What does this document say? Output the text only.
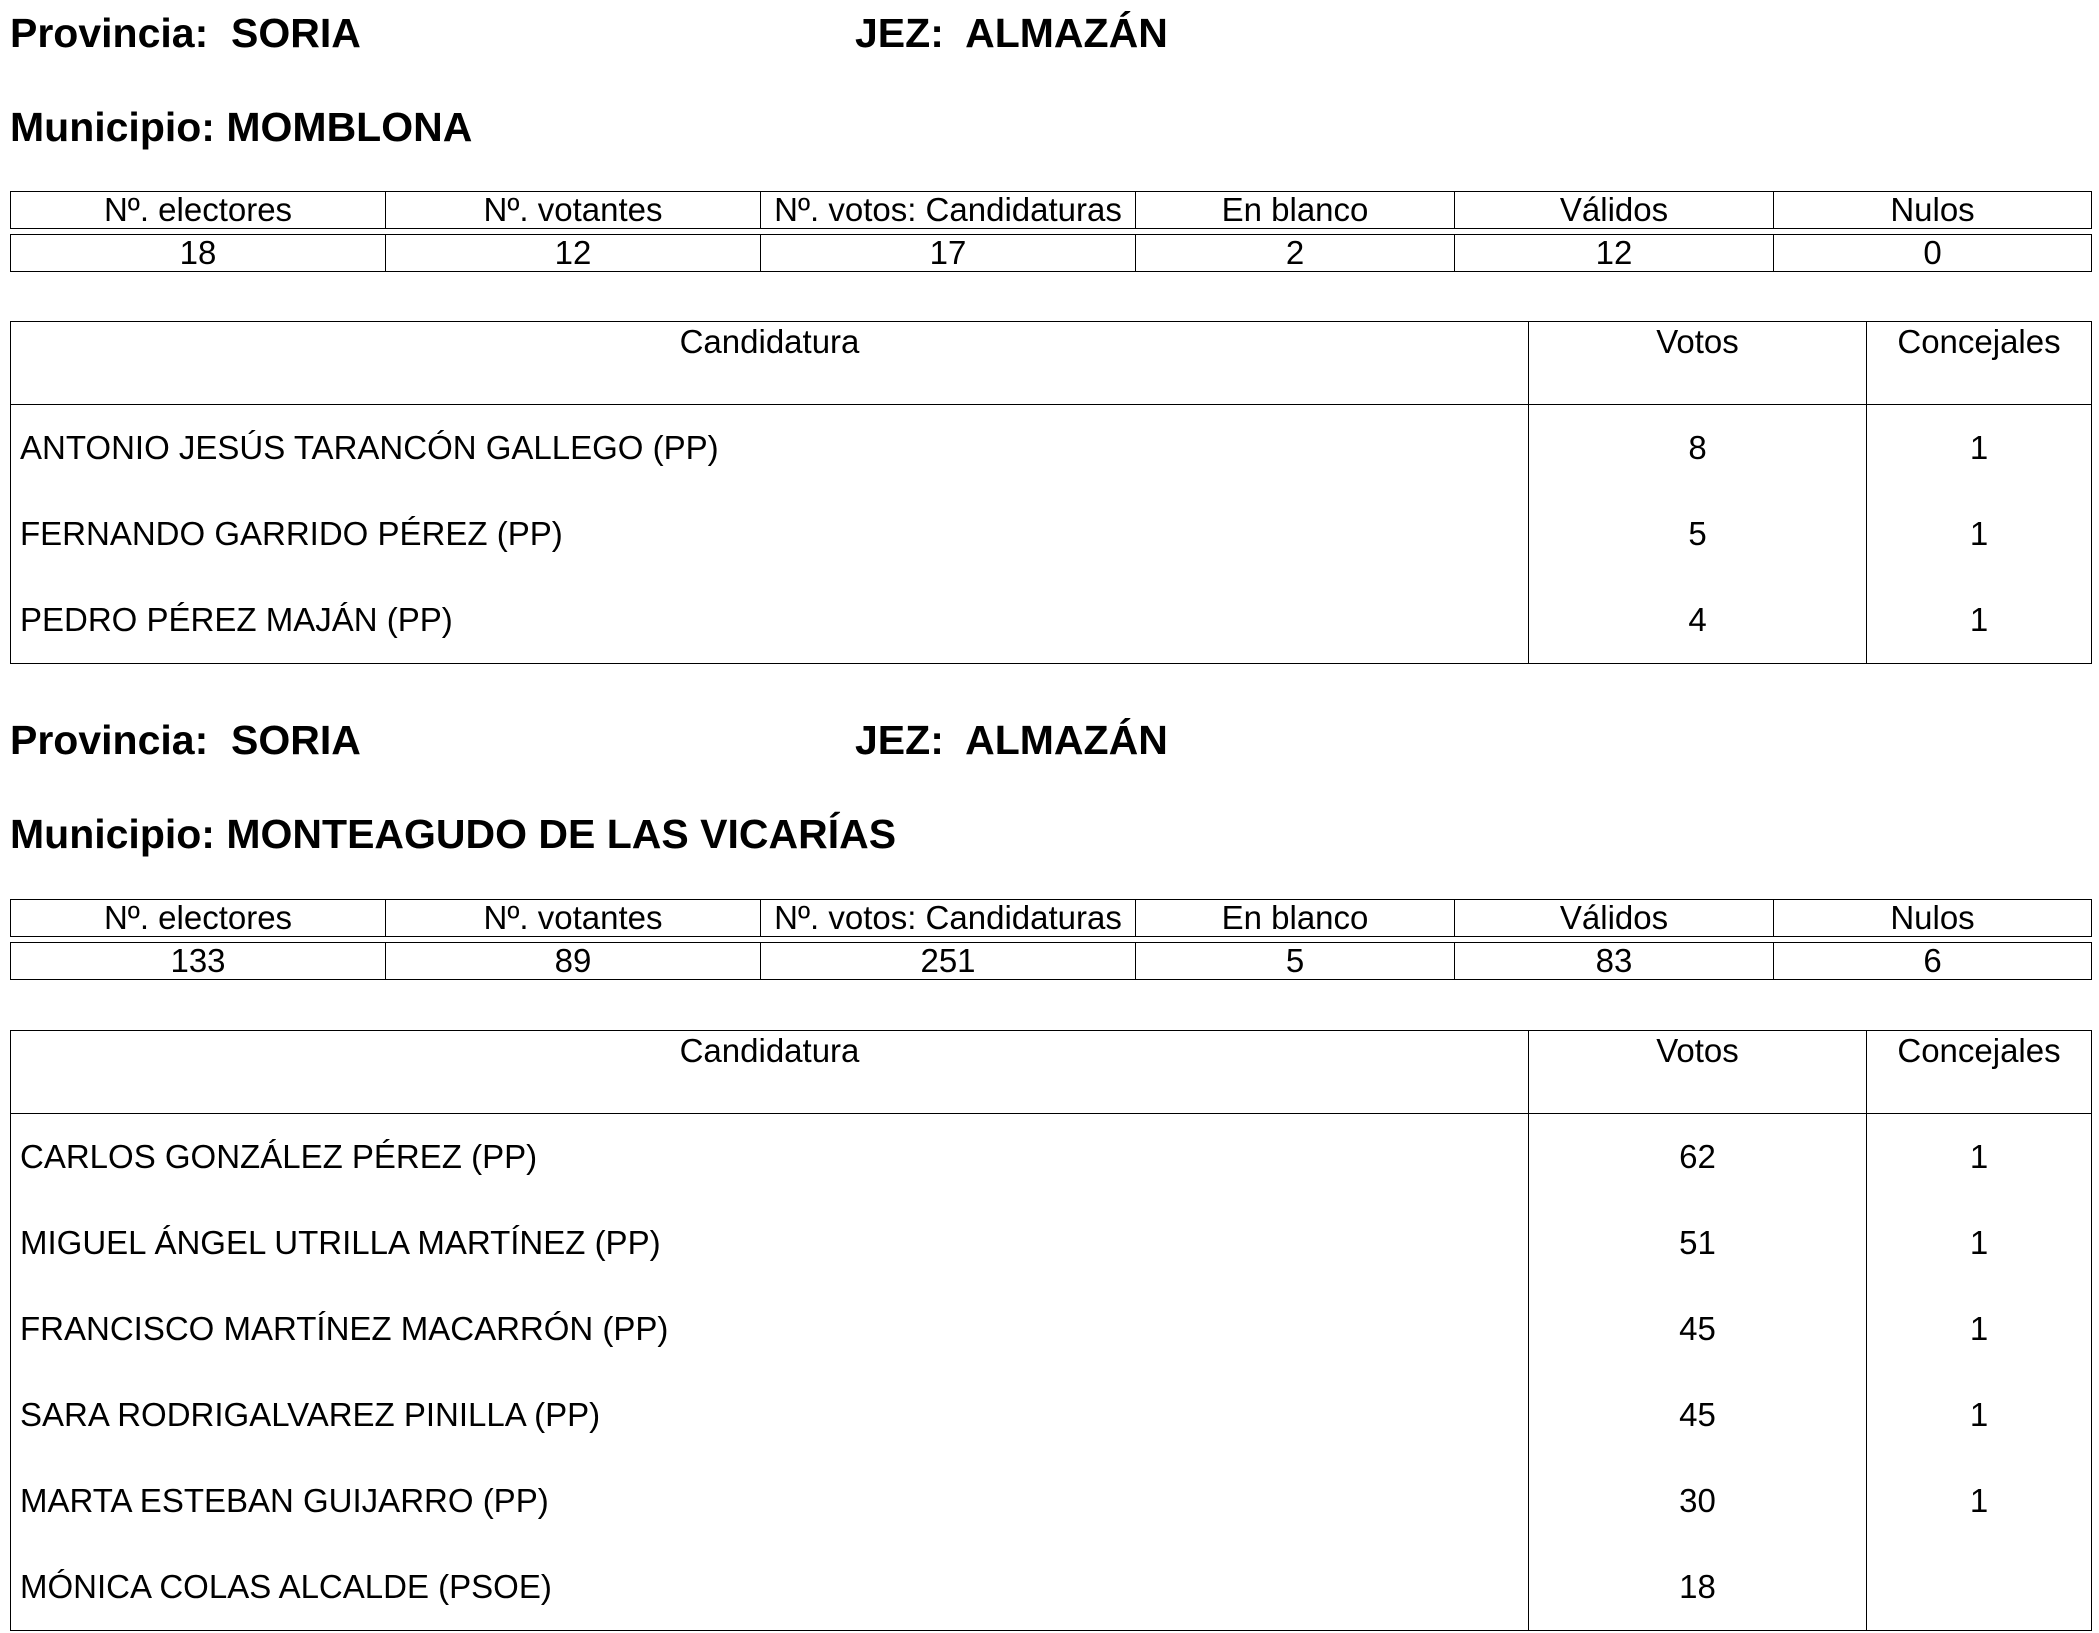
Provincia: SORIA	JEZ: ALMAZÁN
Municipio: MOMBLONA
Nº. electores	Nº. votantes	Nº. votos: Candidaturas	En blanco	Válidos	Nulos
18	12	17	2	12	0
Candidatura	Votos	Concejales
ANTONIO JESÚS TARANCÓN GALLEGO (PP)	8	1
FERNANDO GARRIDO PÉREZ (PP)	5	1
PEDRO PÉREZ MAJÁN (PP)	4	1
Provincia: SORIA	JEZ: ALMAZÁN
Municipio: MONTEAGUDO DE LAS VICARÍAS
Nº. electores	Nº. votantes	Nº. votos: Candidaturas	En blanco	Válidos	Nulos
133	89	251	5	83	6
Candidatura	Votos	Concejales
CARLOS GONZÁLEZ PÉREZ (PP)	62	1
MIGUEL ÁNGEL UTRILLA MARTÍNEZ (PP)	51	1
FRANCISCO MARTÍNEZ MACARRÓN (PP)	45	1
SARA RODRIGALVAREZ PINILLA (PP)	45	1
MARTA ESTEBAN GUIJARRO (PP)	30	1
MÓNICA COLAS ALCALDE (PSOE)	18	
